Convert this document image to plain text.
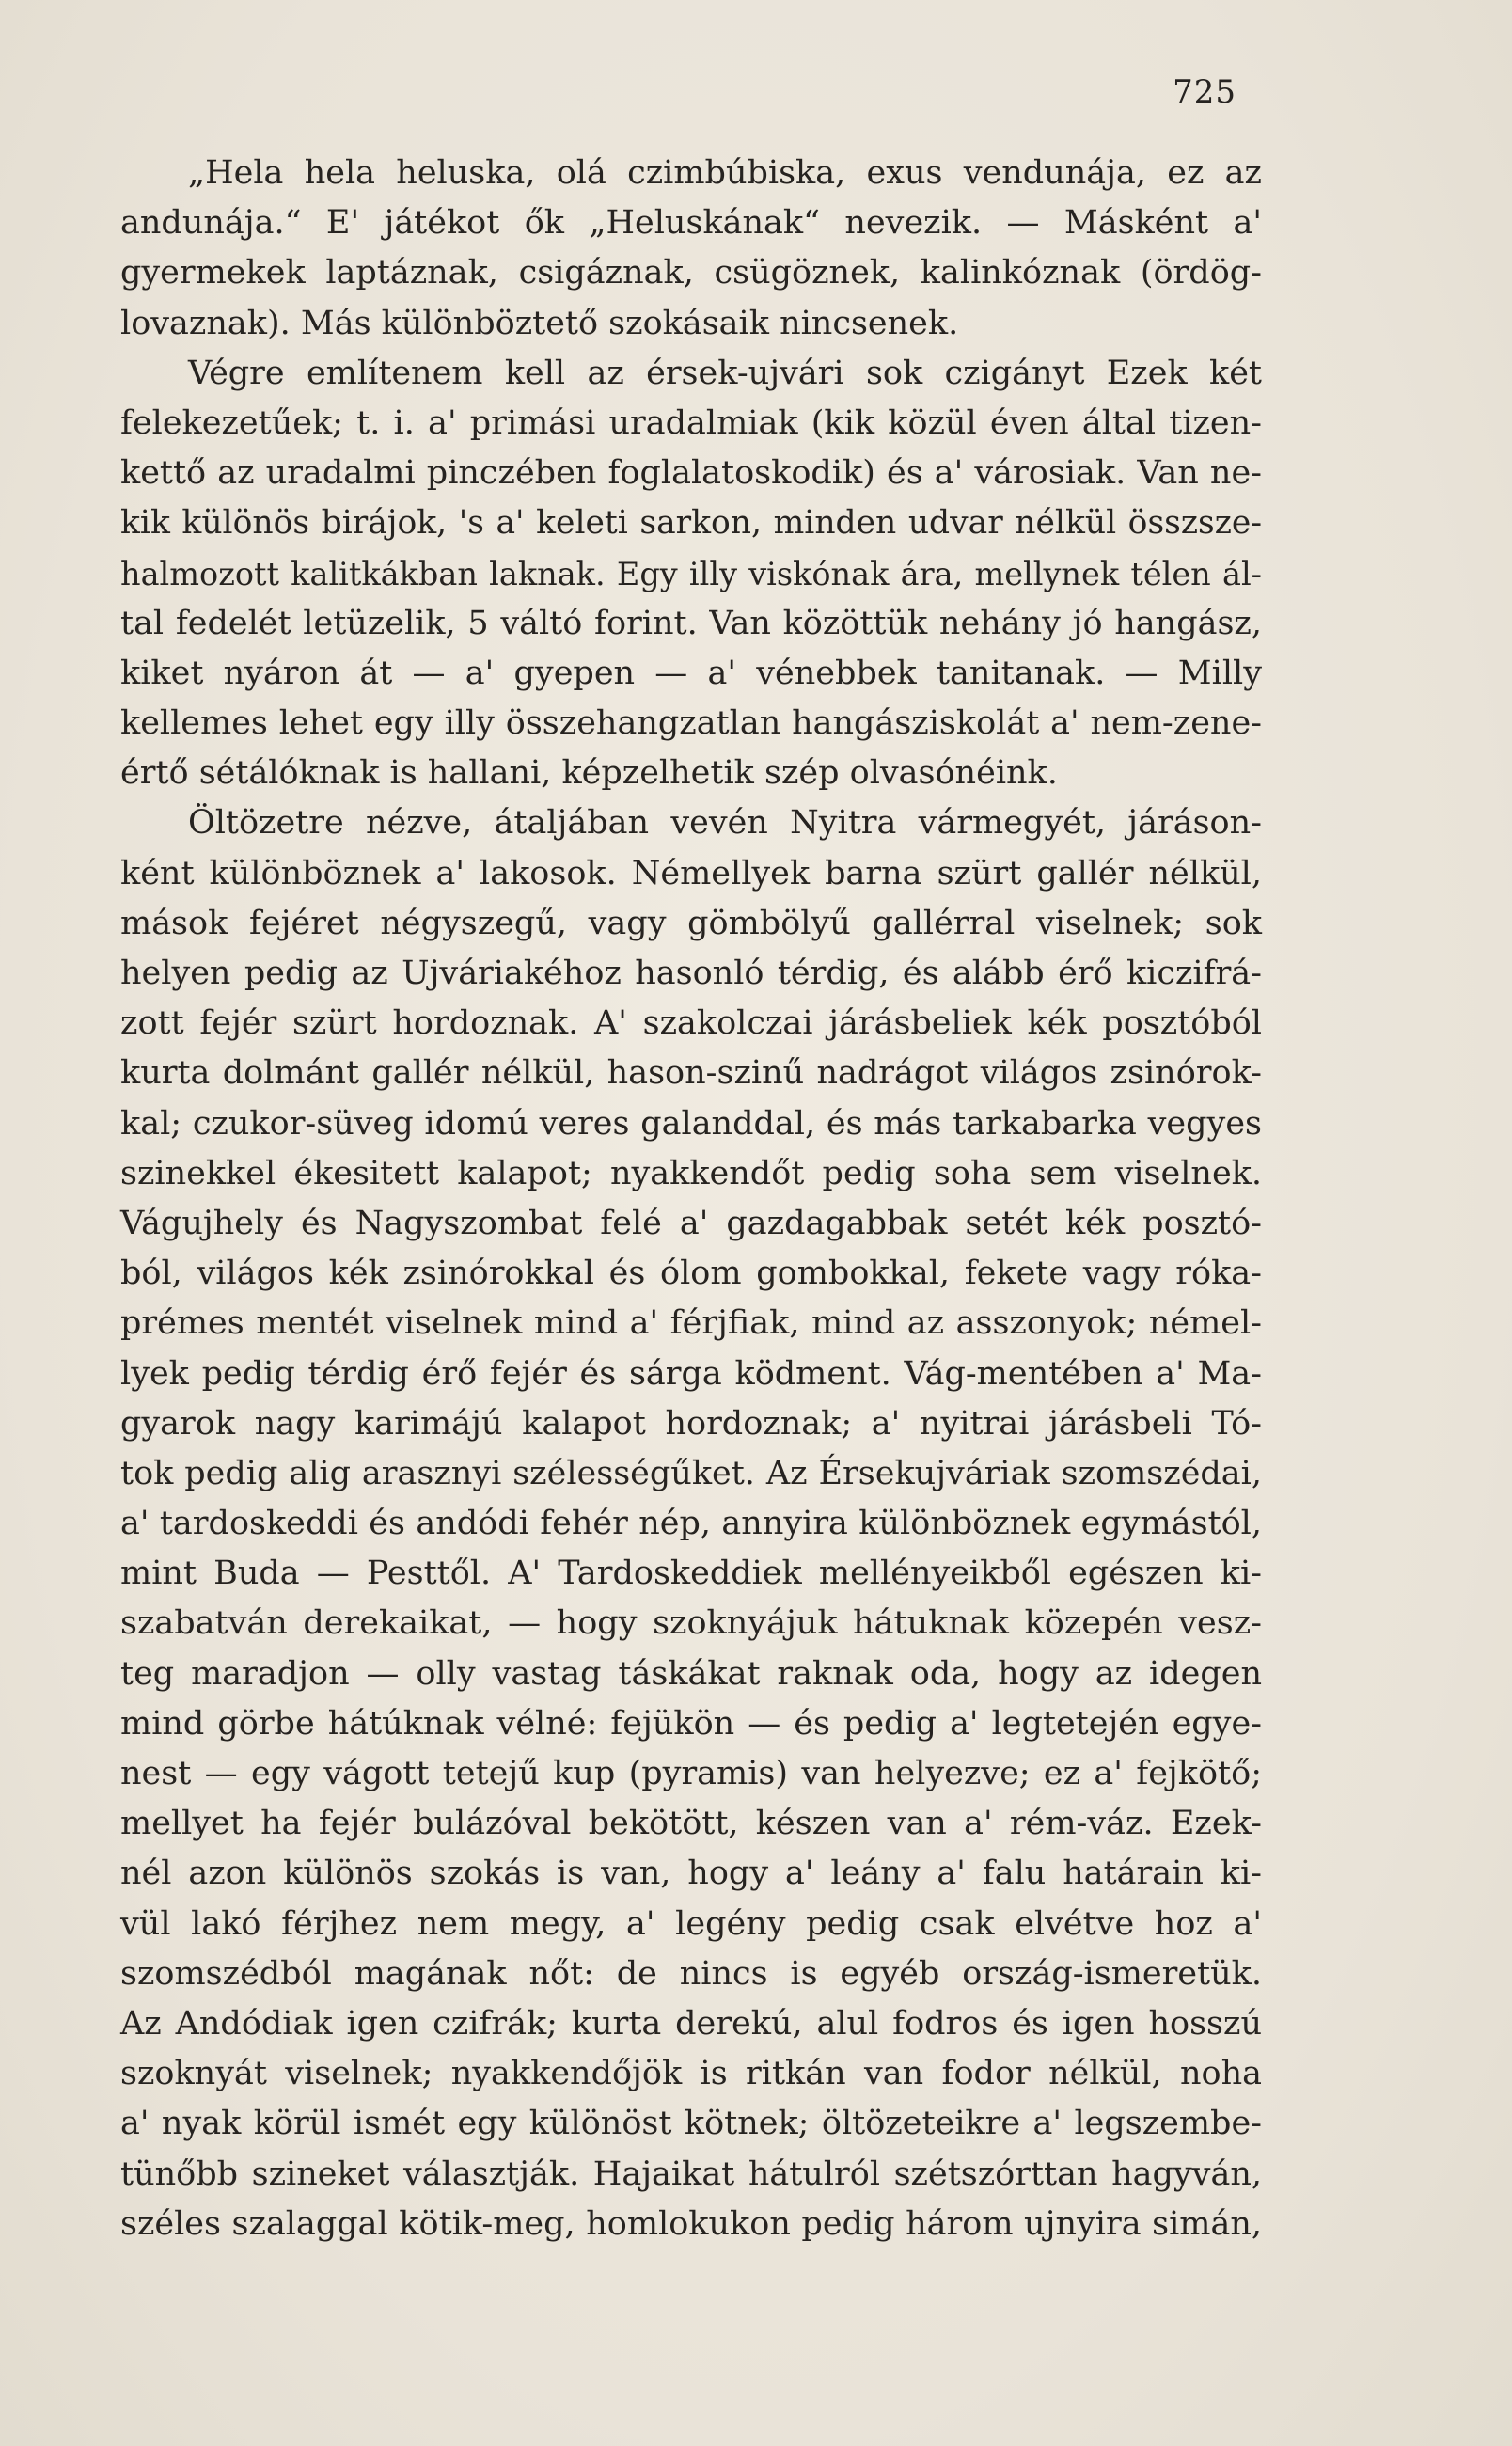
725
„Hela hela heluska, olá czimbúbiska, exus vendunája, ez az
andunája.“ E' játékot ők „Heluskának“ nevezik. — Másként a'
gyermekek laptáznak, csigáznak, csügöznek, kalinkóznak (ördög-
lovaznak). Más különböztető szokásaik nincsenek.
Végre említenem kell az érsek-ujvári sok czigányt Ezek két
felekezetűek; t. i. a' primási uradalmiak (kik közül éven által tizen-
kettő az uradalmi pinczében foglalatoskodik) és a' városiak. Van ne-
kik különös birájok, 's a' keleti sarkon, minden udvar nélkül összsze-
halmozott kalitkákban laknak. Egy illy viskónak ára, mellynek télen ál-
tal fedelét letüzelik, 5 váltó forint. Van közöttük nehány jó hangász,
kiket nyáron át — a' gyepen — a' vénebbek tanitanak. — Milly
kellemes lehet egy illy összehangzatlan hangásziskolát a' nem-zene-
értő sétálóknak is hallani, képzelhetik szép olvasónéink.
Öltözetre nézve, átaljában vevén Nyitra vármegyét, járáson-
ként különböznek a' lakosok. Némellyek barna szürt gallér nélkül,
mások fejéret négyszegű, vagy gömbölyű gallérral viselnek; sok
helyen pedig az Ujváriakéhoz hasonló térdig, és alább érő kiczifrá-
zott fejér szürt hordoznak. A' szakolczai járásbeliek kék posztóból
kurta dolmánt gallér nélkül, hason-szinű nadrágot világos zsinórok-
kal; czukor-süveg idomú veres galanddal, és más tarkabarka vegyes
szinekkel ékesitett kalapot; nyakkendőt pedig soha sem viselnek.
Vágujhely és Nagyszombat felé a' gazdagabbak setét kék posztó-
ból, világos kék zsinórokkal és ólom gombokkal, fekete vagy róka-
prémes mentét viselnek mind a' férjfiak, mind az asszonyok; némel-
lyek pedig térdig érő fejér és sárga ködment. Vág-mentében a' Ma-
gyarok nagy karimájú kalapot hordoznak; a' nyitrai járásbeli Tó-
tok pedig alig arasznyi szélességűket. Az Érsekujváriak szomszédai,
a' tardoskeddi és andódi fehér nép, annyira különböznek egymástól,
mint Buda — Pesttől. A' Tardoskeddiek mellényeikből egészen ki-
szabatván derekaikat, — hogy szoknyájuk hátuknak közepén vesz-
teg maradjon — olly vastag táskákat raknak oda, hogy az idegen
mind görbe hátúknak vélné: fejükön — és pedig a' legtetején egye-
nest — egy vágott tetejű kup (pyramis) van helyezve; ez a' fejkötő;
mellyet ha fejér bulázóval bekötött, készen van a' rém-váz. Ezek-
nél azon különös szokás is van, hogy a' leány a' falu határain ki-
vül lakó férjhez nem megy, a' legény pedig csak elvétve hoz a'
szomszédból magának nőt: de nincs is egyéb ország-ismeretük.
Az Andódiak igen czifrák; kurta derekú, alul fodros és igen hosszú
szoknyát viselnek; nyakkendőjök is ritkán van fodor nélkül, noha
a' nyak körül ismét egy különöst kötnek; öltözeteikre a' legszembe-
tünőbb szineket választják. Hajaikat hátulról szétszórttan hagyván,
széles szalaggal kötik-meg, homlokukon pedig három ujnyira simán,
